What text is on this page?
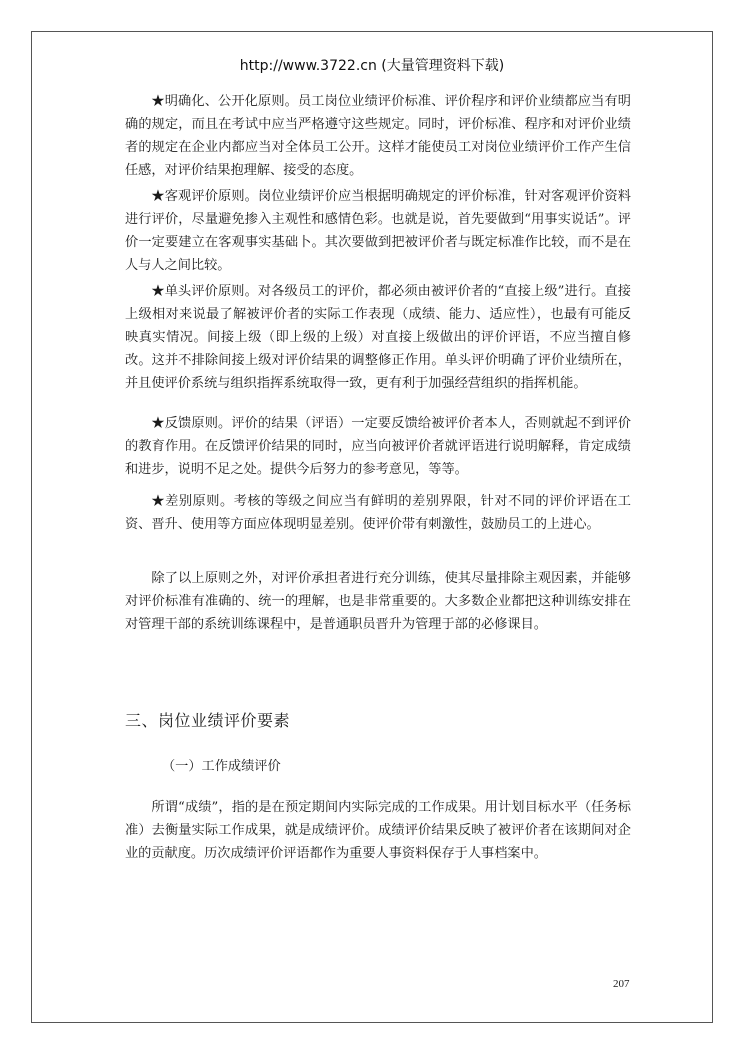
http://www.3722.cn (大量管理资料下载)

★明确化、公开化原则。员工岗位业绩评价标准、评价程序和评价业绩都应当有明确的规定，而且在考试中应当严格遵守这些规定。同时，评价标准、程序和对评价业绩者的规定在企业内都应当对全体员工公开。这样才能使员工对岗位业绩评价工作产生信任感，对评价结果抱理解、接受的态度。

★客观评价原则。岗位业绩评价应当根据明确规定的评价标准，针对客观评价资料进行评价，尽量避免掺入主观性和感情色彩。也就是说，首先要做到“用事实说话”。评价一定要建立在客观事实基础卜。其次要做到把被评价者与既定标准作比较，而不是在人与人之间比较。

★单头评价原则。对各级员工的评价，都必须由被评价者的“直接上级”进行。直接上级相对来说最了解被评价者的实际工作表现（成绩、能力、适应性），也最有可能反映真实情况。间接上级（即上级的上级）对直接上级做出的评价评语，不应当擅自修改。这并不排除间接上级对评价结果的调整修正作用。单头评价明确了评价业绩所在，并且使评价系统与组织指挥系统取得一致，更有利于加强经营组织的指挥机能。

★反馈原则。评价的结果（评语）一定要反馈给被评价者本人，否则就起不到评价的教育作用。在反馈评价结果的同时，应当向被评价者就评语进行说明解释，肯定成绩和进步，说明不足之处。提供今后努力的参考意见，等等。

★差别原则。考核的等级之间应当有鲜明的差别界限，针对不同的评价评语在工资、晋升、使用等方面应体现明显差别。使评价带有刺激性，鼓励员工的上进心。

除了以上原则之外，对评价承担者进行充分训练，使其尽量排除主观因素，并能够对评价标准有准确的、统一的理解，也是非常重要的。大多数企业都把这种训练安排在对管理干部的系统训练课程中，是普通职员晋升为管理于部的必修课目。

三、岗位业绩评价要素
（一）工作成绩评价

所谓“成绩”，指的是在预定期间内实际完成的工作成果。用计划目标水平（任务标准）去衡量实际工作成果，就是成绩评价。成绩评价结果反映了被评价者在该期间对企业的贡献度。历次成绩评价评语都作为重要人事资料保存于人事档案中。

207
